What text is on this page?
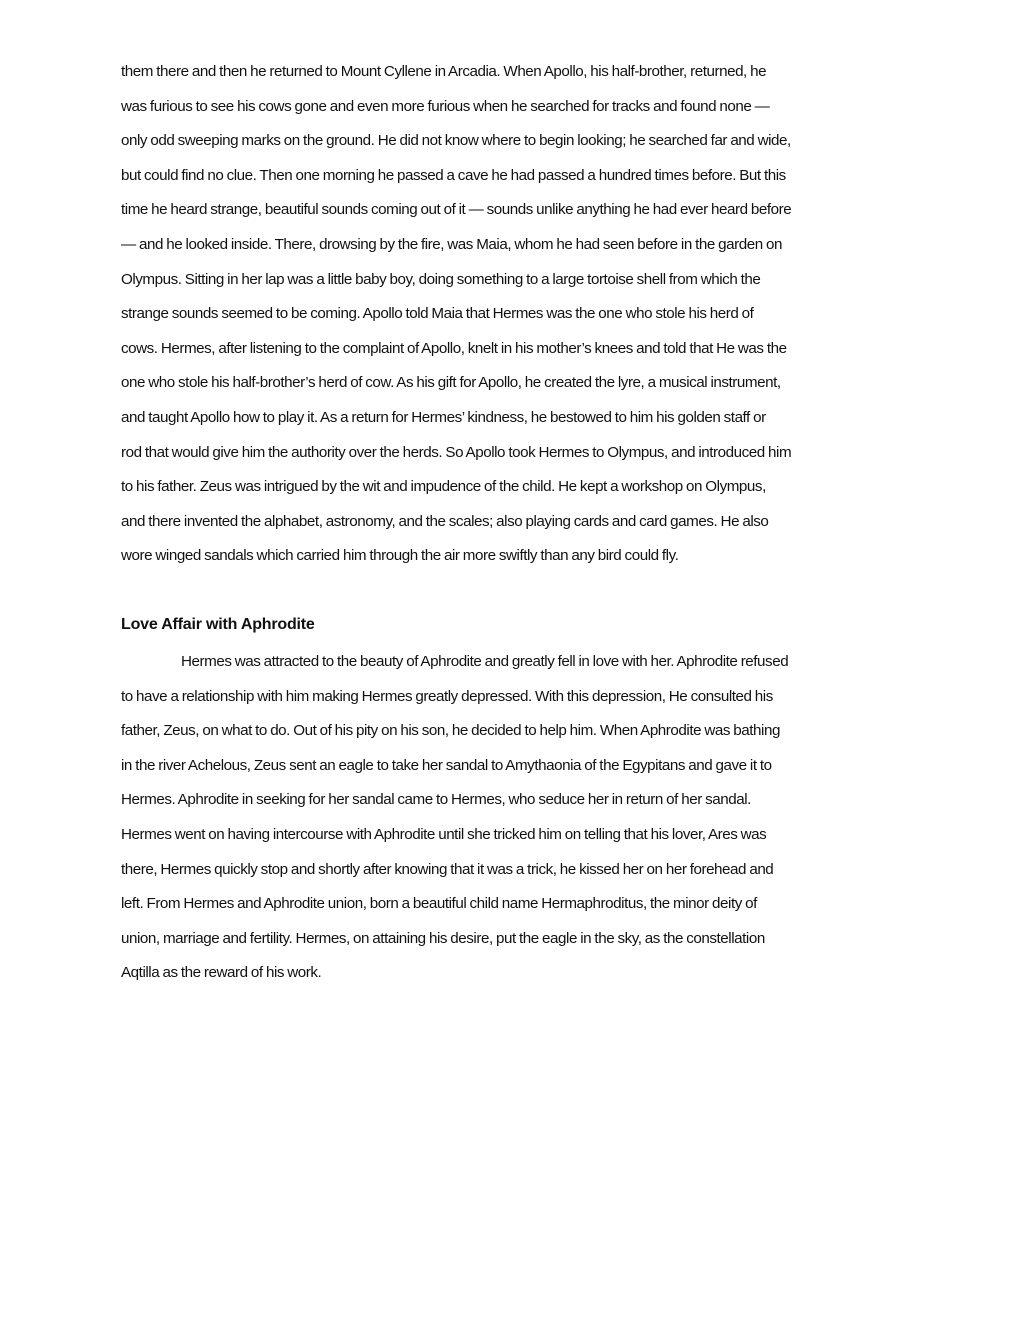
them there and then he returned to Mount Cyllene in Arcadia. When Apollo, his half-brother, returned, he
was furious to see his cows gone and even more furious when he searched for tracks and found none —
only odd sweeping marks on the ground. He did not know where to begin looking; he searched far and wide,
but could find no clue. Then one morning he passed a cave he had passed a hundred times before. But this
time he heard strange, beautiful sounds coming out of it — sounds unlike anything he had ever heard before
— and he looked inside. There, drowsing by the fire, was Maia, whom he had seen before in the garden on
Olympus. Sitting in her lap was a little baby boy, doing something to a large tortoise shell from which the
strange sounds seemed to be coming. Apollo told Maia that Hermes was the one who stole his herd of
cows. Hermes, after listening to the complaint of Apollo, knelt in his mother’s knees and told that He was the
one who stole his half-brother’s herd of cow. As his gift for Apollo, he created the lyre, a musical instrument,
and taught Apollo how to play it. As a return for Hermes’ kindness, he bestowed to him his golden staff or
rod that would give him the authority over the herds. So Apollo took Hermes to Olympus, and introduced him
to his father. Zeus was intrigued by the wit and impudence of the child. He kept a workshop on Olympus,
and there invented the alphabet, astronomy, and the scales; also playing cards and card games. He also
wore winged sandals which carried him through the air more swiftly than any bird could fly.
Love Affair with Aphrodite
Hermes was attracted to the beauty of Aphrodite and greatly fell in love with her. Aphrodite refused
to have a relationship with him making Hermes greatly depressed. With this depression, He consulted his
father, Zeus, on what to do. Out of his pity on his son, he decided to help him. When Aphrodite was bathing
in the river Achelous, Zeus sent an eagle to take her sandal to Amythaonia of the Egypitans and gave it to
Hermes. Aphrodite in seeking for her sandal came to Hermes, who seduce her in return of her sandal.
Hermes went on having intercourse with Aphrodite until she tricked him on telling that his lover, Ares was
there, Hermes quickly stop and shortly after knowing that it was a trick, he kissed her on her forehead and
left. From Hermes and Aphrodite union, born a beautiful child name Hermaphroditus, the minor deity of
union, marriage and fertility. Hermes, on attaining his desire, put the eagle in the sky, as the constellation
Aqtilla as the reward of his work.
